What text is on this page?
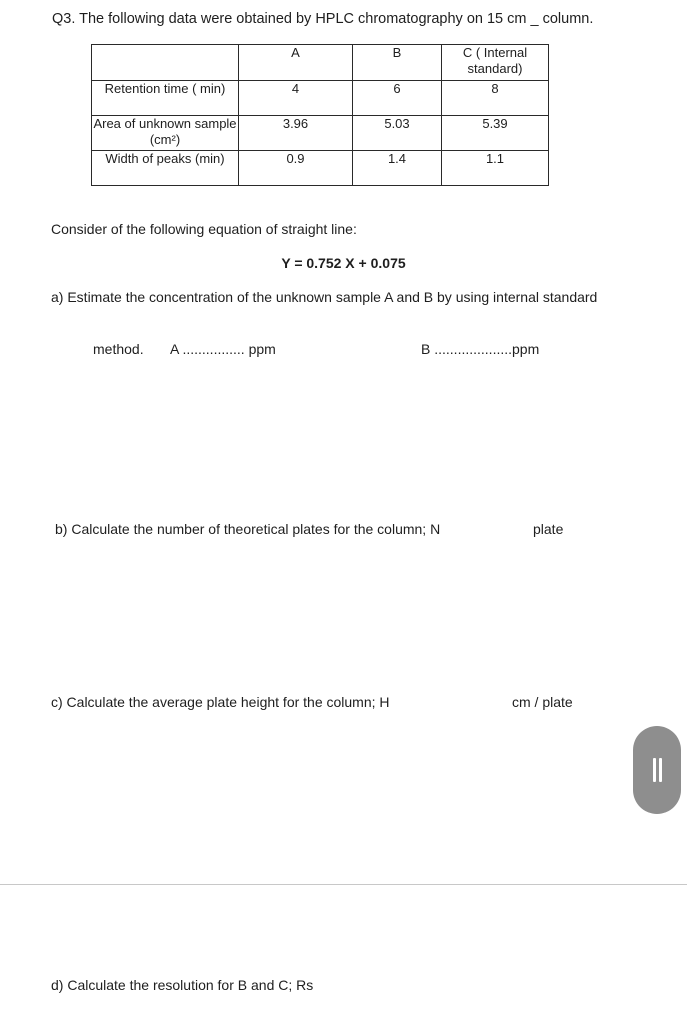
Q3. The following data were obtained by HPLC chromatography on 15 cm _ column.
	A	B	C ( Internal standard)
Retention time ( min)	4	6	8
Area of unknown sample (cm²)	3.96	5.03	5.39
Width of peaks (min)	0.9	1.4	1.1
Consider of the following equation of straight line:
Y = 0.752 X + 0.075
a) Estimate the concentration of the unknown sample A and B by using internal standard
method. A ................ ppm	B ....................ppm
b) Calculate the number of theoretical plates for the column; N	plate
c) Calculate the average plate height for the column; H	cm / plate
d) Calculate the resolution for B and C; Rs
